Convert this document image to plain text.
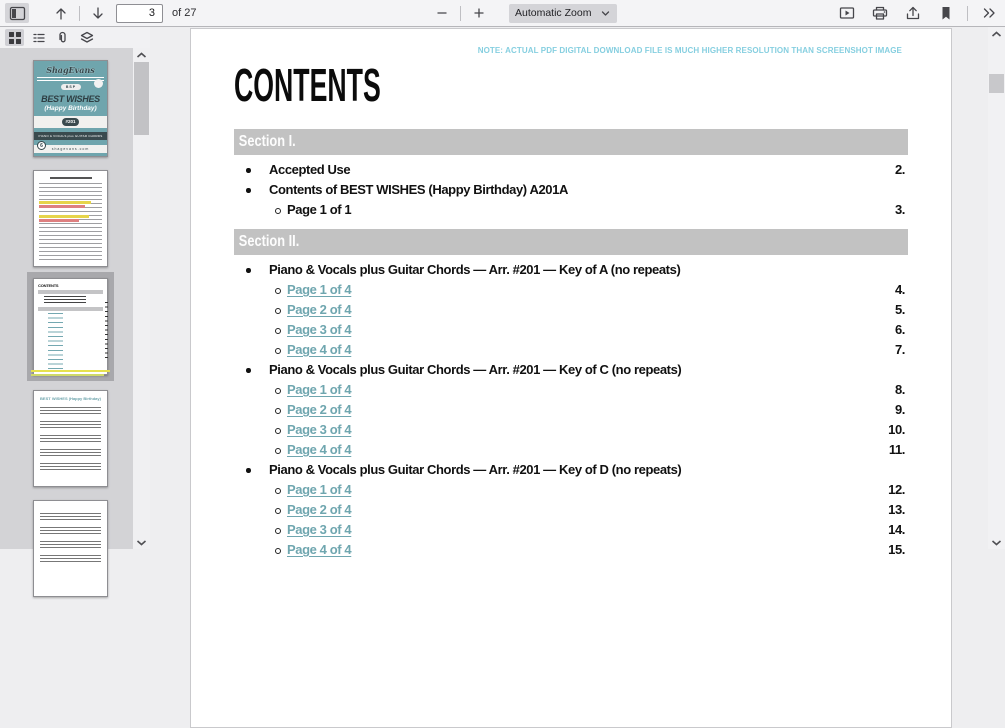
3
of 27	Automatic Zoom
ShagEvans
B S P
BEST WISHES
(Happy Birthday)
#201
PIANO & VOCALS plus GUITAR CHORDS
6	shagevans.com
CONTENTS
BEST WISHES (Happy Birthday)
NOTE: ACTUAL PDF DIGITAL DOWNLOAD FILE IS MUCH HIGHER RESOLUTION THAN SCREENSHOT IMAGE
CONTENTS
Section I.
Accepted Use	2.
Contents of BEST WISHES (Happy Birthday) A201A
Page 1 of 1	3.
Section II.
Piano & Vocals plus Guitar Chords — Arr. #201 — Key of A (no repeats)
Page 1 of 4	4.
Page 2 of 4	5.
Page 3 of 4	6.
Page 4 of 4	7.
Piano & Vocals plus Guitar Chords — Arr. #201 — Key of C (no repeats)
Page 1 of 4	8.
Page 2 of 4	9.
Page 3 of 4	10.
Page 4 of 4	11.
Piano & Vocals plus Guitar Chords — Arr. #201 — Key of D (no repeats)
Page 1 of 4	12.
Page 2 of 4	13.
Page 3 of 4	14.
Page 4 of 4	15.
